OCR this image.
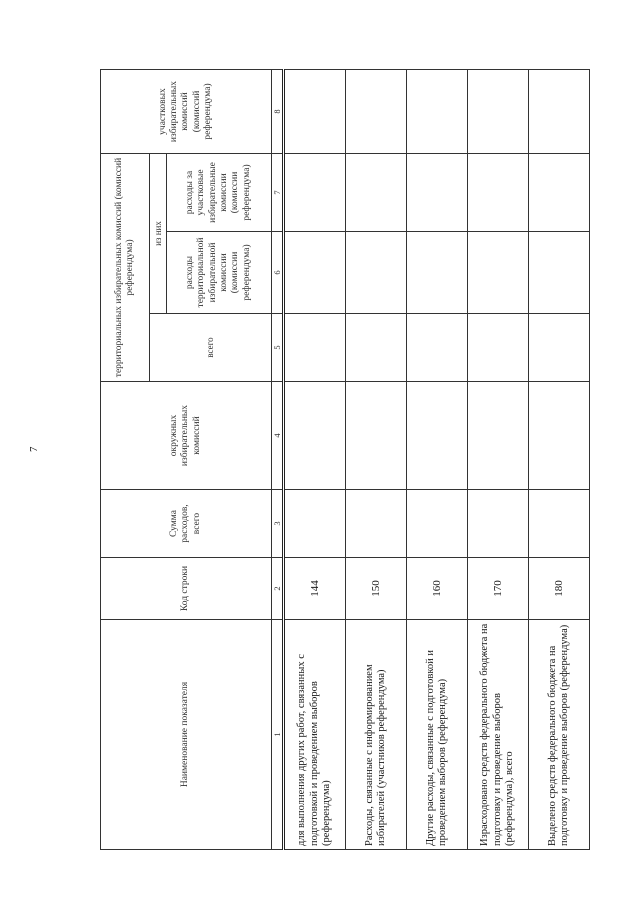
7
Наименование показателя	Код строки	Сумма расходов, всего	окружных избирательных комиссий	территориальных избирательных комиссий (комиссий референдума)			участковых избирательных комиссий (комиссий референдума)
				всего	из них		
					расходы территориальной избирательной комиссии (комиссии референдума)	расходы за участковые избирательные комиссии (комиссии референдума)	
1	2	3	4	5	6	7	8
для выполнения других работ, связанных с подготовкой и проведением выборов (референдума)	144						
Расходы, связанные с информированием избирателей (участников референдума)	150						
Другие расходы, связанные с подготовкой и проведением выборов (референдума)	160						
Израсходовано средств федерального бюджета на подготовку и проведение выборов (референдума), всего	170						
Выделено средств федерального бюджета на подготовку и проведение выборов (референдума)	180						
